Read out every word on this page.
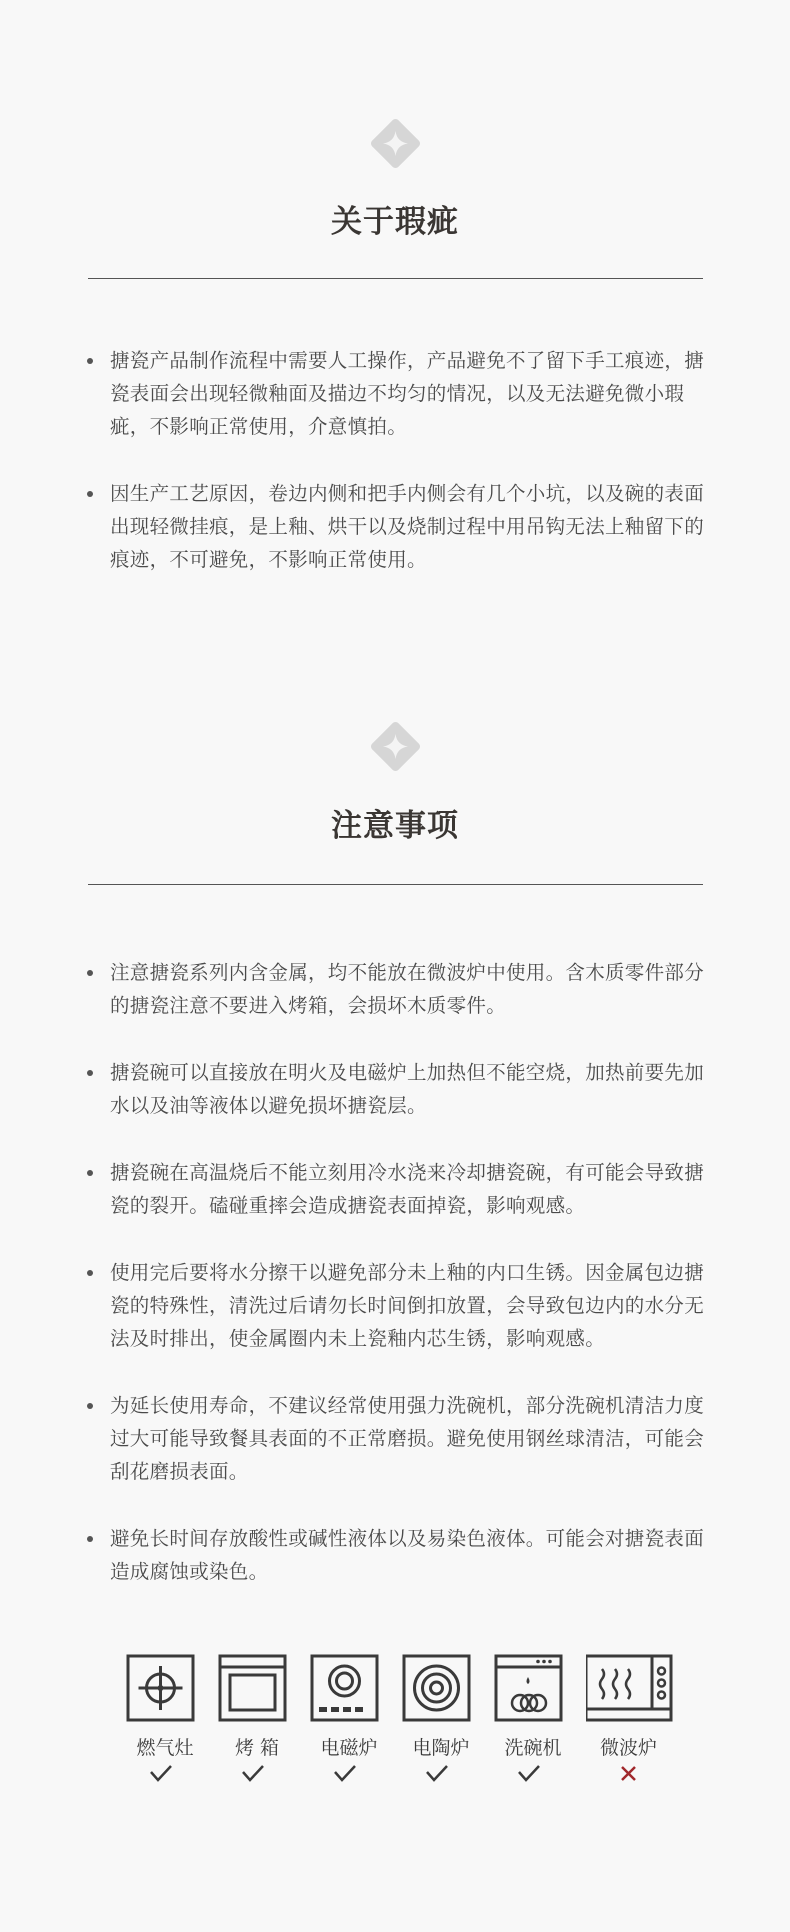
关于瑕疵
搪瓷产品制作流程中需要人工操作，产品避免不了留下手工痕迹，搪瓷表面会出现轻微釉面及描边不均匀的情况，以及无法避免微小瑕疵，不影响正常使用，介意慎拍。
因生产工艺原因，卷边内侧和把手内侧会有几个小坑，以及碗的表面出现轻微挂痕，是上釉、烘干以及烧制过程中用吊钩无法上釉留下的痕迹，不可避免，不影响正常使用。
注意事项
注意搪瓷系列内含金属，均不能放在微波炉中使用。含木质零件部分的搪瓷注意不要进入烤箱，会损坏木质零件。
搪瓷碗可以直接放在明火及电磁炉上加热但不能空烧，加热前要先加水以及油等液体以避免损坏搪瓷层。
搪瓷碗在高温烧后不能立刻用冷水浇来冷却搪瓷碗，有可能会导致搪瓷的裂开。磕碰重摔会造成搪瓷表面掉瓷，影响观感。
使用完后要将水分擦干以避免部分未上釉的内口生锈。因金属包边搪瓷的特殊性，清洗过后请勿长时间倒扣放置，会导致包边内的水分无法及时排出，使金属圈内未上瓷釉内芯生锈，影响观感。
为延长使用寿命，不建议经常使用强力洗碗机，部分洗碗机清洁力度过大可能导致餐具表面的不正常磨损。避免使用钢丝球清洁，可能会刮花磨损表面。
避免长时间存放酸性或碱性液体以及易染色液体。可能会对搪瓷表面造成腐蚀或染色。
燃气灶	烤 箱	电磁炉	电陶炉	洗碗机	微波炉
